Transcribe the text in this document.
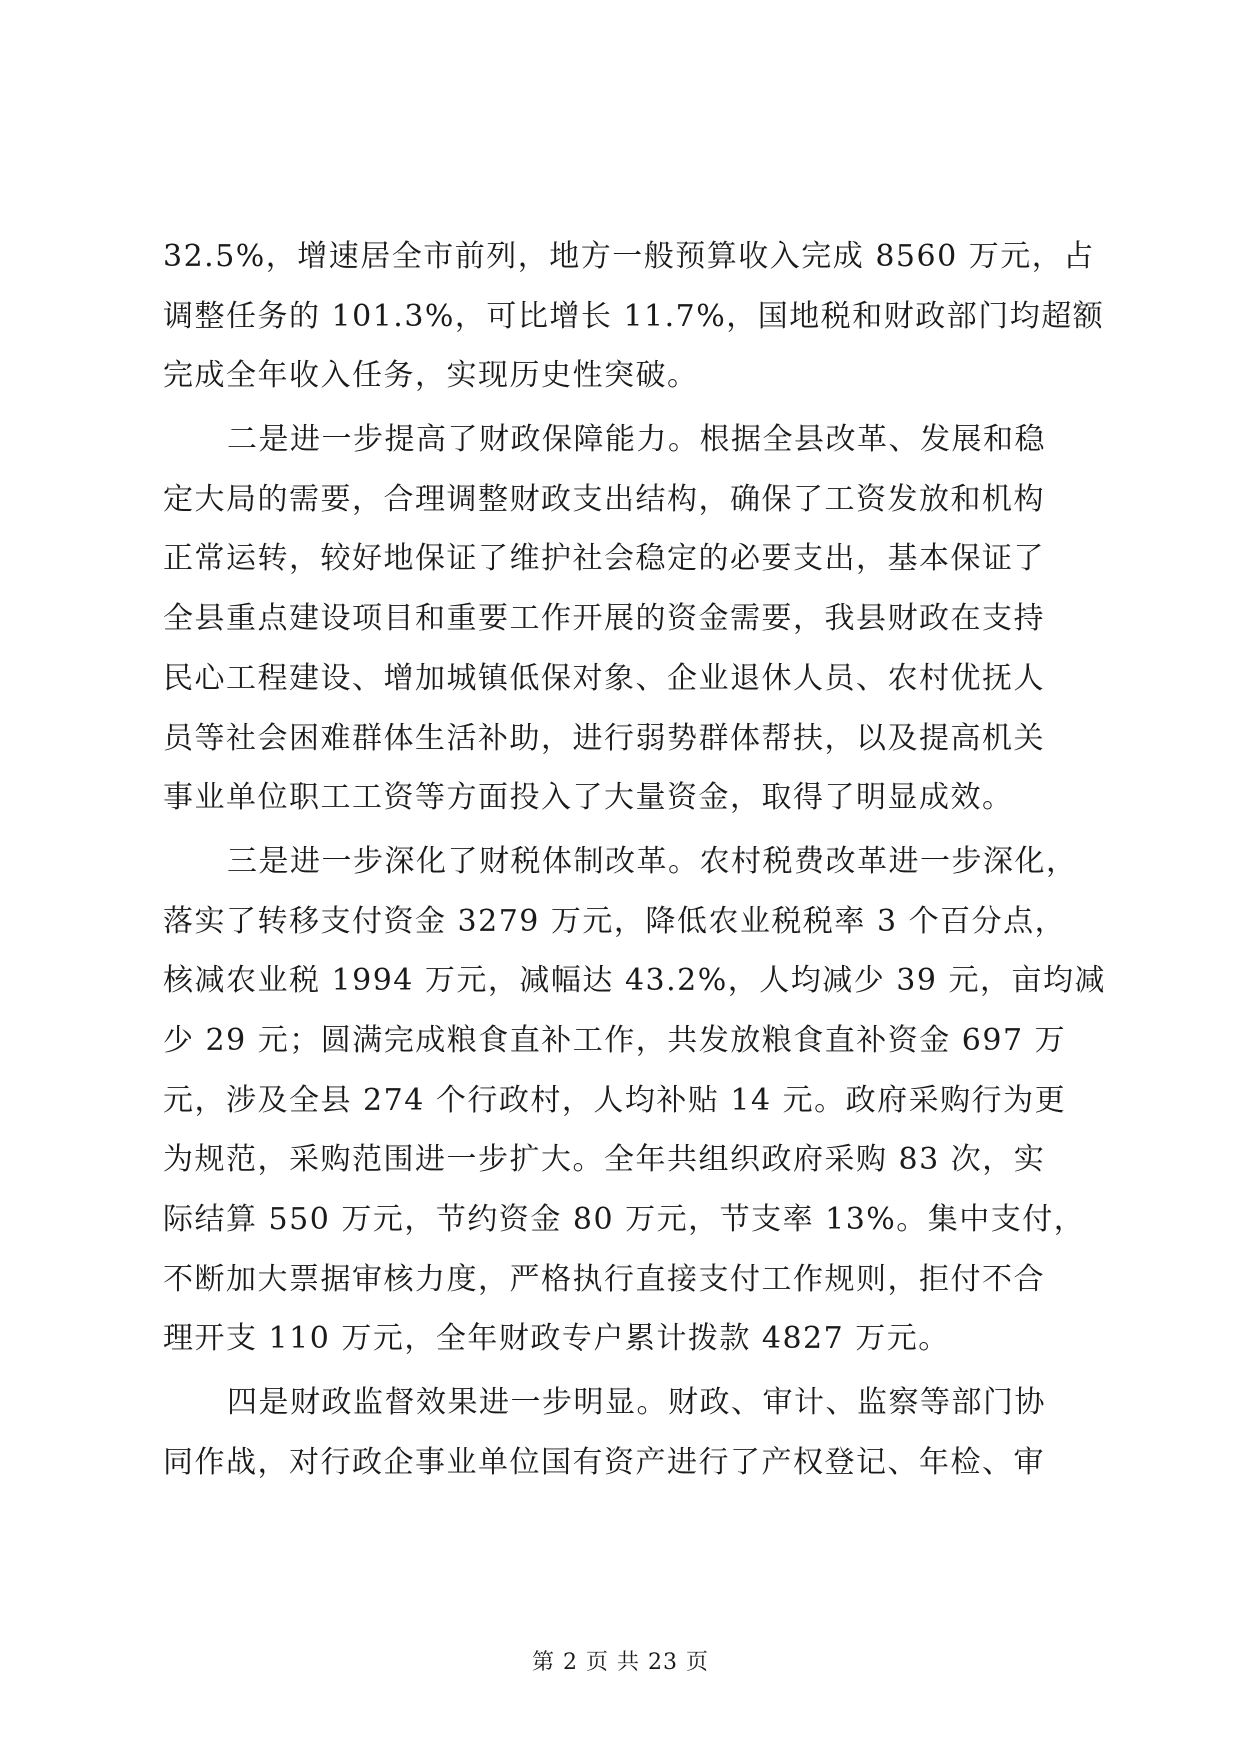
32.5%，增速居全市前列，地方一般预算收入完成 8560 万元，占
调整任务的 101.3%，可比增长 11.7%，国地税和财政部门均超额
完成全年收入任务，实现历史性突破。
二是进一步提高了财政保障能力。根据全县改革、发展和稳
定大局的需要，合理调整财政支出结构，确保了工资发放和机构
正常运转，较好地保证了维护社会稳定的必要支出，基本保证了
全县重点建设项目和重要工作开展的资金需要，我县财政在支持
民心工程建设、增加城镇低保对象、企业退休人员、农村优抚人
员等社会困难群体生活补助，进行弱势群体帮扶，以及提高机关
事业单位职工工资等方面投入了大量资金，取得了明显成效。
三是进一步深化了财税体制改革。农村税费改革进一步深化，
落实了转移支付资金 3279 万元，降低农业税税率 3 个百分点，
核减农业税 1994 万元，减幅达 43.2%，人均减少 39 元，亩均减
少 29 元；圆满完成粮食直补工作，共发放粮食直补资金 697 万
元，涉及全县 274 个行政村，人均补贴 14 元。政府采购行为更
为规范，采购范围进一步扩大。全年共组织政府采购 83 次，实
际结算 550 万元，节约资金 80 万元，节支率 13%。集中支付，
不断加大票据审核力度，严格执行直接支付工作规则，拒付不合
理开支 110 万元，全年财政专户累计拨款 4827 万元。
四是财政监督效果进一步明显。财政、审计、监察等部门协
同作战，对行政企事业单位国有资产进行了产权登记、年检、审
第 2 页 共 23 页
